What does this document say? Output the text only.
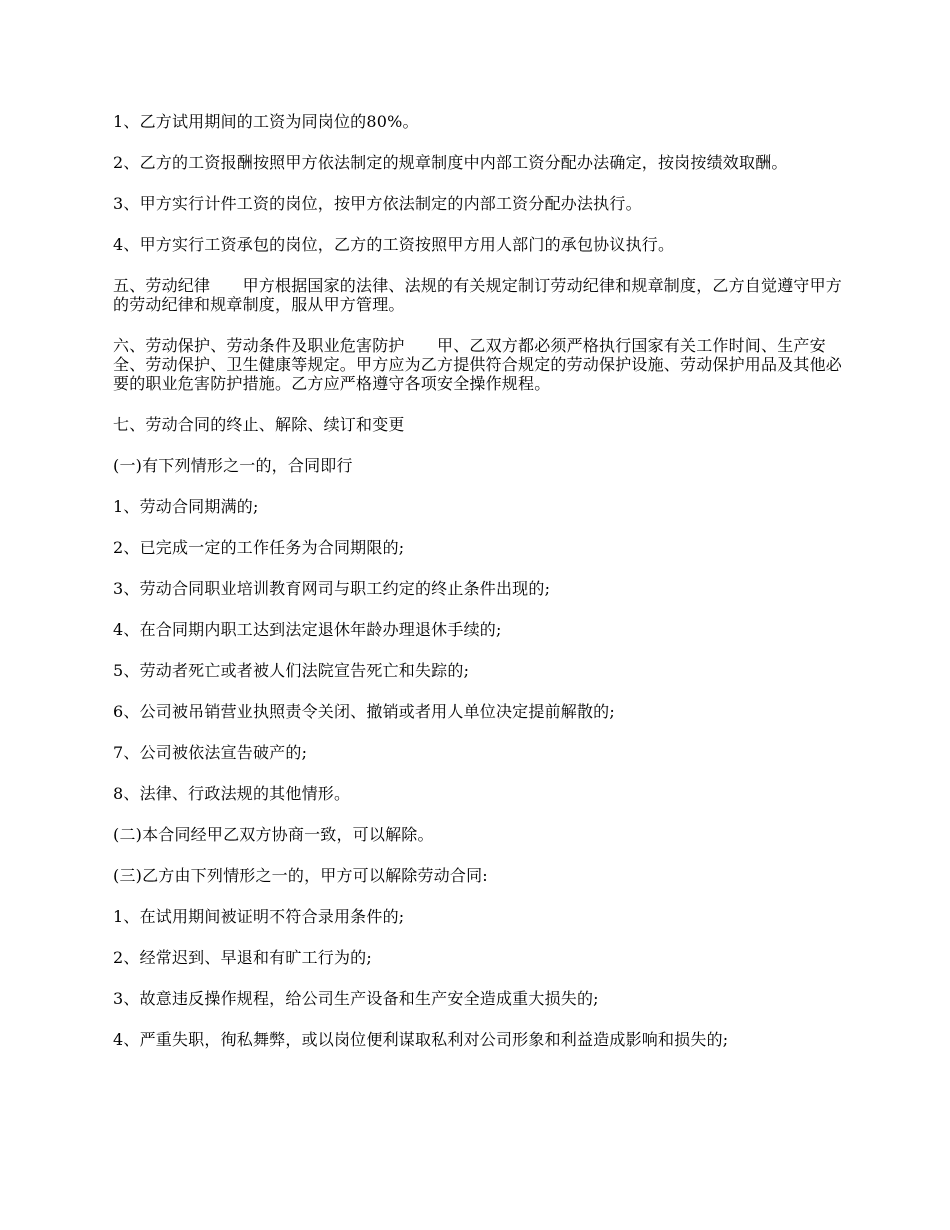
1、乙方试用期间的工资为同岗位的80%。

2、乙方的工资报酬按照甲方依法制定的规章制度中内部工资分配办法确定，按岗按绩效取酬。

3、甲方实行计件工资的岗位，按甲方依法制定的内部工资分配办法执行。

4、甲方实行工资承包的岗位，乙方的工资按照甲方用人部门的承包协议执行。

五、劳动纪律　　甲方根据国家的法律、法规的有关规定制订劳动纪律和规章制度，乙方自觉遵守甲方的劳动纪律和规章制度，服从甲方管理。

六、劳动保护、劳动条件及职业危害防护　　甲、乙双方都必须严格执行国家有关工作时间、生产安全、劳动保护、卫生健康等规定。甲方应为乙方提供符合规定的劳动保护设施、劳动保护用品及其他必要的职业危害防护措施。乙方应严格遵守各项安全操作规程。

七、劳动合同的终止、解除、续订和变更

(一)有下列情形之一的，合同即行

1、劳动合同期满的;

2、已完成一定的工作任务为合同期限的;

3、劳动合同职业培训教育网司与职工约定的终止条件出现的;

4、在合同期内职工达到法定退休年龄办理退休手续的;

5、劳动者死亡或者被人们法院宣告死亡和失踪的;

6、公司被吊销营业执照责令关闭、撤销或者用人单位决定提前解散的;

7、公司被依法宣告破产的;

8、法律、行政法规的其他情形。

(二)本合同经甲乙双方协商一致，可以解除。

(三)乙方由下列情形之一的，甲方可以解除劳动合同:

1、在试用期间被证明不符合录用条件的;

2、经常迟到、早退和有旷工行为的;

3、故意违反操作规程，给公司生产设备和生产安全造成重大损失的;

4、严重失职，徇私舞弊，或以岗位便利谋取私利对公司形象和利益造成影响和损失的;
